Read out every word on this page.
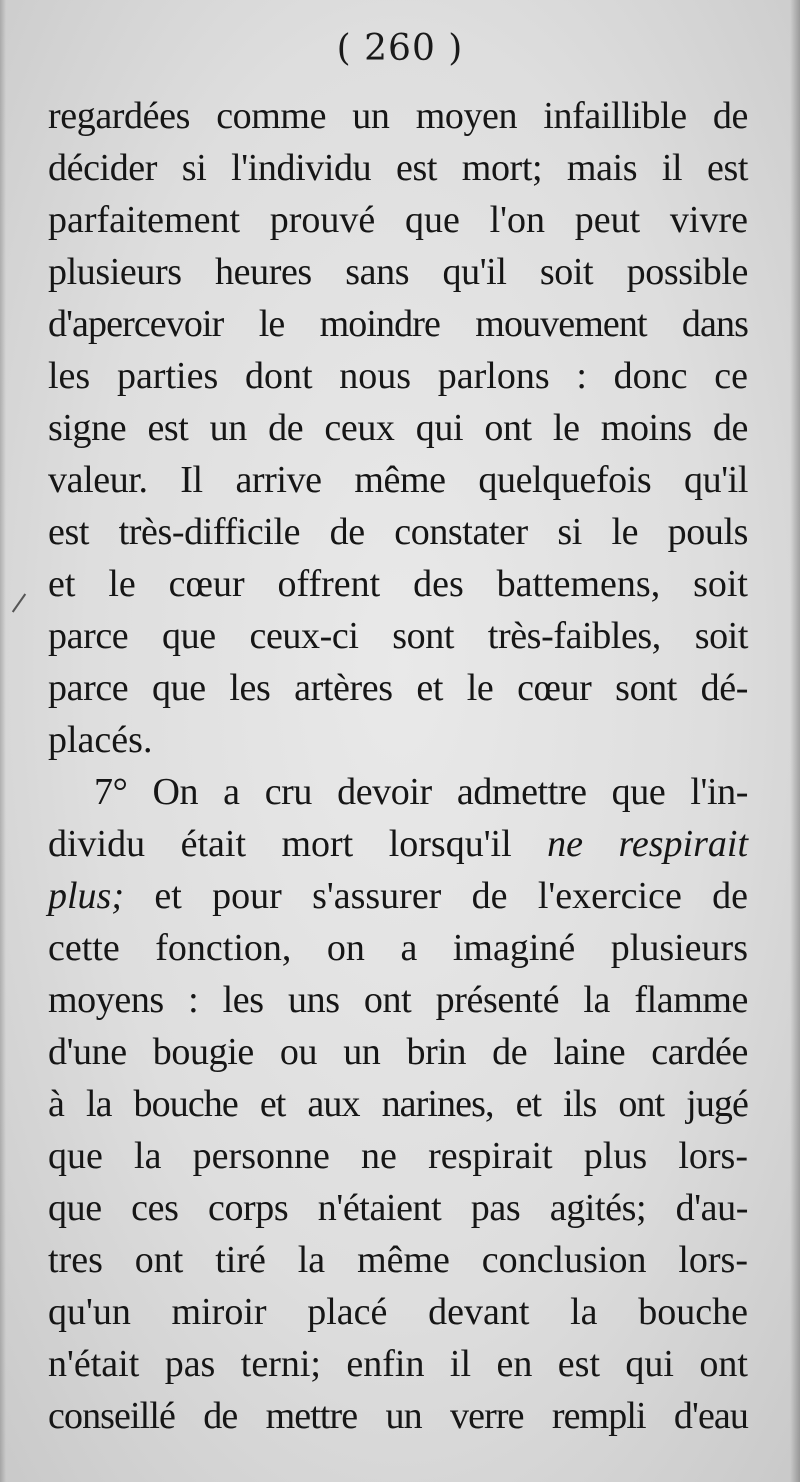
( 260 )
regardées comme un moyen infaillible de
décider si l'individu est mort; mais il est
parfaitement prouvé que l'on peut vivre
plusieurs heures sans qu'il soit possible
d'apercevoir le moindre mouvement dans
les parties dont nous parlons : donc ce
signe est un de ceux qui ont le moins de
valeur. Il arrive même quelquefois qu'il
est très-difficile de constater si le pouls
et le cœur offrent des battemens, soit
parce que ceux-ci sont très-faibles, soit
parce que les artères et le cœur sont dé-
placés.
7° On a cru devoir admettre que l'in-
dividu était mort lorsqu'il ne respirait
plus; et pour s'assurer de l'exercice de
cette fonction, on a imaginé plusieurs
moyens : les uns ont présenté la flamme
d'une bougie ou un brin de laine cardée
à la bouche et aux narines, et ils ont jugé
que la personne ne respirait plus lors-
que ces corps n'étaient pas agités; d'au-
tres ont tiré la même conclusion lors-
qu'un miroir placé devant la bouche
n'était pas terni; enfin il en est qui ont
conseillé de mettre un verre rempli d'eau
